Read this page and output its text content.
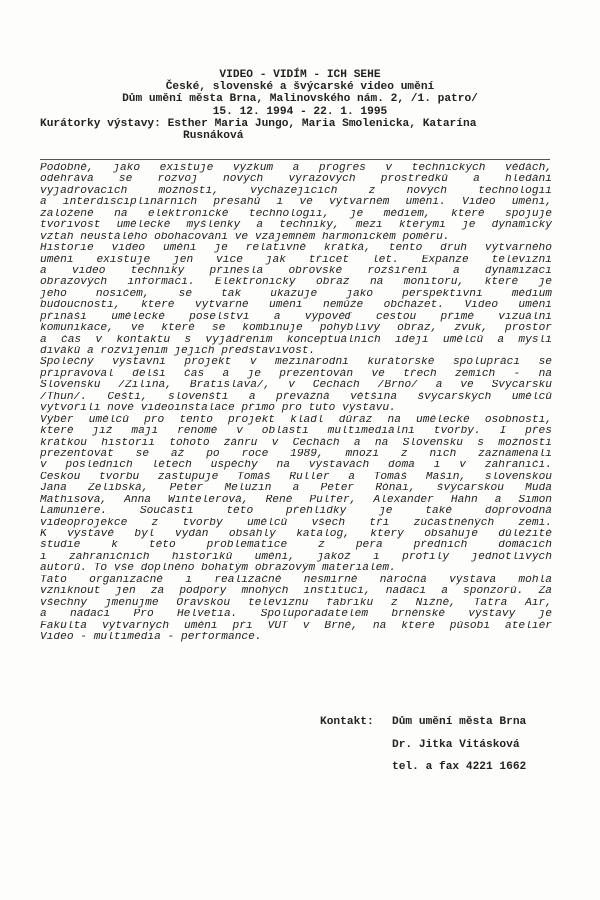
VIDEO - VIDÍM - ICH SEHE
České, slovenské a švýcarské video umění
Dům umění města Brna, Malinovského nám. 2, /1. patro/
15. 12. 1994 - 22. 1. 1995
Kurátorky výstavy: Esther Maria Jungo, Maria Smolenicka, Katarína
Rusnáková
Podobně, jako existuje výzkum a progres v technických vědách,
odehráva se rozvoj nových výrazových prostředků a hledání
vyjadřovacích možností, vycházejících z nových technologií
a interdisciplinárních přesahů i ve výtvarném umění. Video umění,
založené na elektronické technologii, je médiem, které spojuje
tvořivost umělecké myšlenky a techniky, mezi kterými je dynamický
vztah neustálého obohacování ve vzájemném harmonickém poměru.
Historie video umění je relativně krátká, tento druh výtvarného
umění existuje jen více jak třicet let. Expanze televizní
a video techniky přinesla obrovské rozšíření a dynamizaci
obrazových informací. Elektronický obraz na monitoru, které je
jeho nosičem, se tak ukazuje jako perspektivní médium
budoucnosti, které výtvarné umění nemůže obcházet. Video umění
přináší umělecké poselství a výpověď cestou přímé vizuální
komunikace, ve které se kombinuje pohyblivý obraz, zvuk, prostor
a čas v kontaktu s vyjádřením konceptuálních idejí umělců a myslí
diváků a rozvíjením jejich představivost.
Společný výstavní projekt v mezinárodní kurátorské spolupráci se
připravoval delší čas a je prezentován ve třech zemích - na
Slovensku /Žilina, Bratislava/, v Čechách /Brno/ a ve Švýcarsku
/Thun/. Čeští, slovenští a převážná většina švýcarských umělců
vytvořili nové videoinstalace přímo pro tuto výstavu.
Výběr umělců pro tento projekt kladl důraz na umělecké osobnosti,
které již mají renomé v oblasti multimediální tvorby. I přes
krátkou historii tohoto žánru v Čechách a na Slovensku s možností
prezentovat se až po roce 1989, mnozí z nich zaznamenali
v posledních létech úspěchy na výstavách doma i v zahraničí.
Českou tvorbu zastupuje Tomáš Ruller a Tomáš Mašín, slovenskou
Jana Želibská, Peter Meluzin a Peter Rónai, švýcarskou Muda
Mathisová, Anna Wintelerová, René Pulfer, Alexander Hahn a Simon
Lamuniére. Součástí této přehlídky je také doprovodná
videoprojekce z tvorby umělců všech tří zúčastněných zemí.
K výstavě byl vydán obsáhlý katalog, který obsahuje důležité
studie k této problematice z pera předních domácích
i zahraničních historiků umění, jakož i profily jednotlivých
autorů. To vše doplněno bohatým obrazovým materiálem.
Tato organizačně i realizačně nesmírně náročná výstava mohla
vzniknout jen za podpory mnohých institucí, nadací a sponzorů. Za
všechny jmenujme Oravskou televíznu fabriku z Nižné, Tatra Air,
a nadaci Pro Helvetia. Spolupořadatelem brněnské výstavy je
Fakulta výtvarných umění při VUT v Brně, na které působí ateliér
Video - multimédia - performance.
Kontakt: Dům umění města Brna
Dr. Jitka Vitásková
tel. a fax 4221 1662
